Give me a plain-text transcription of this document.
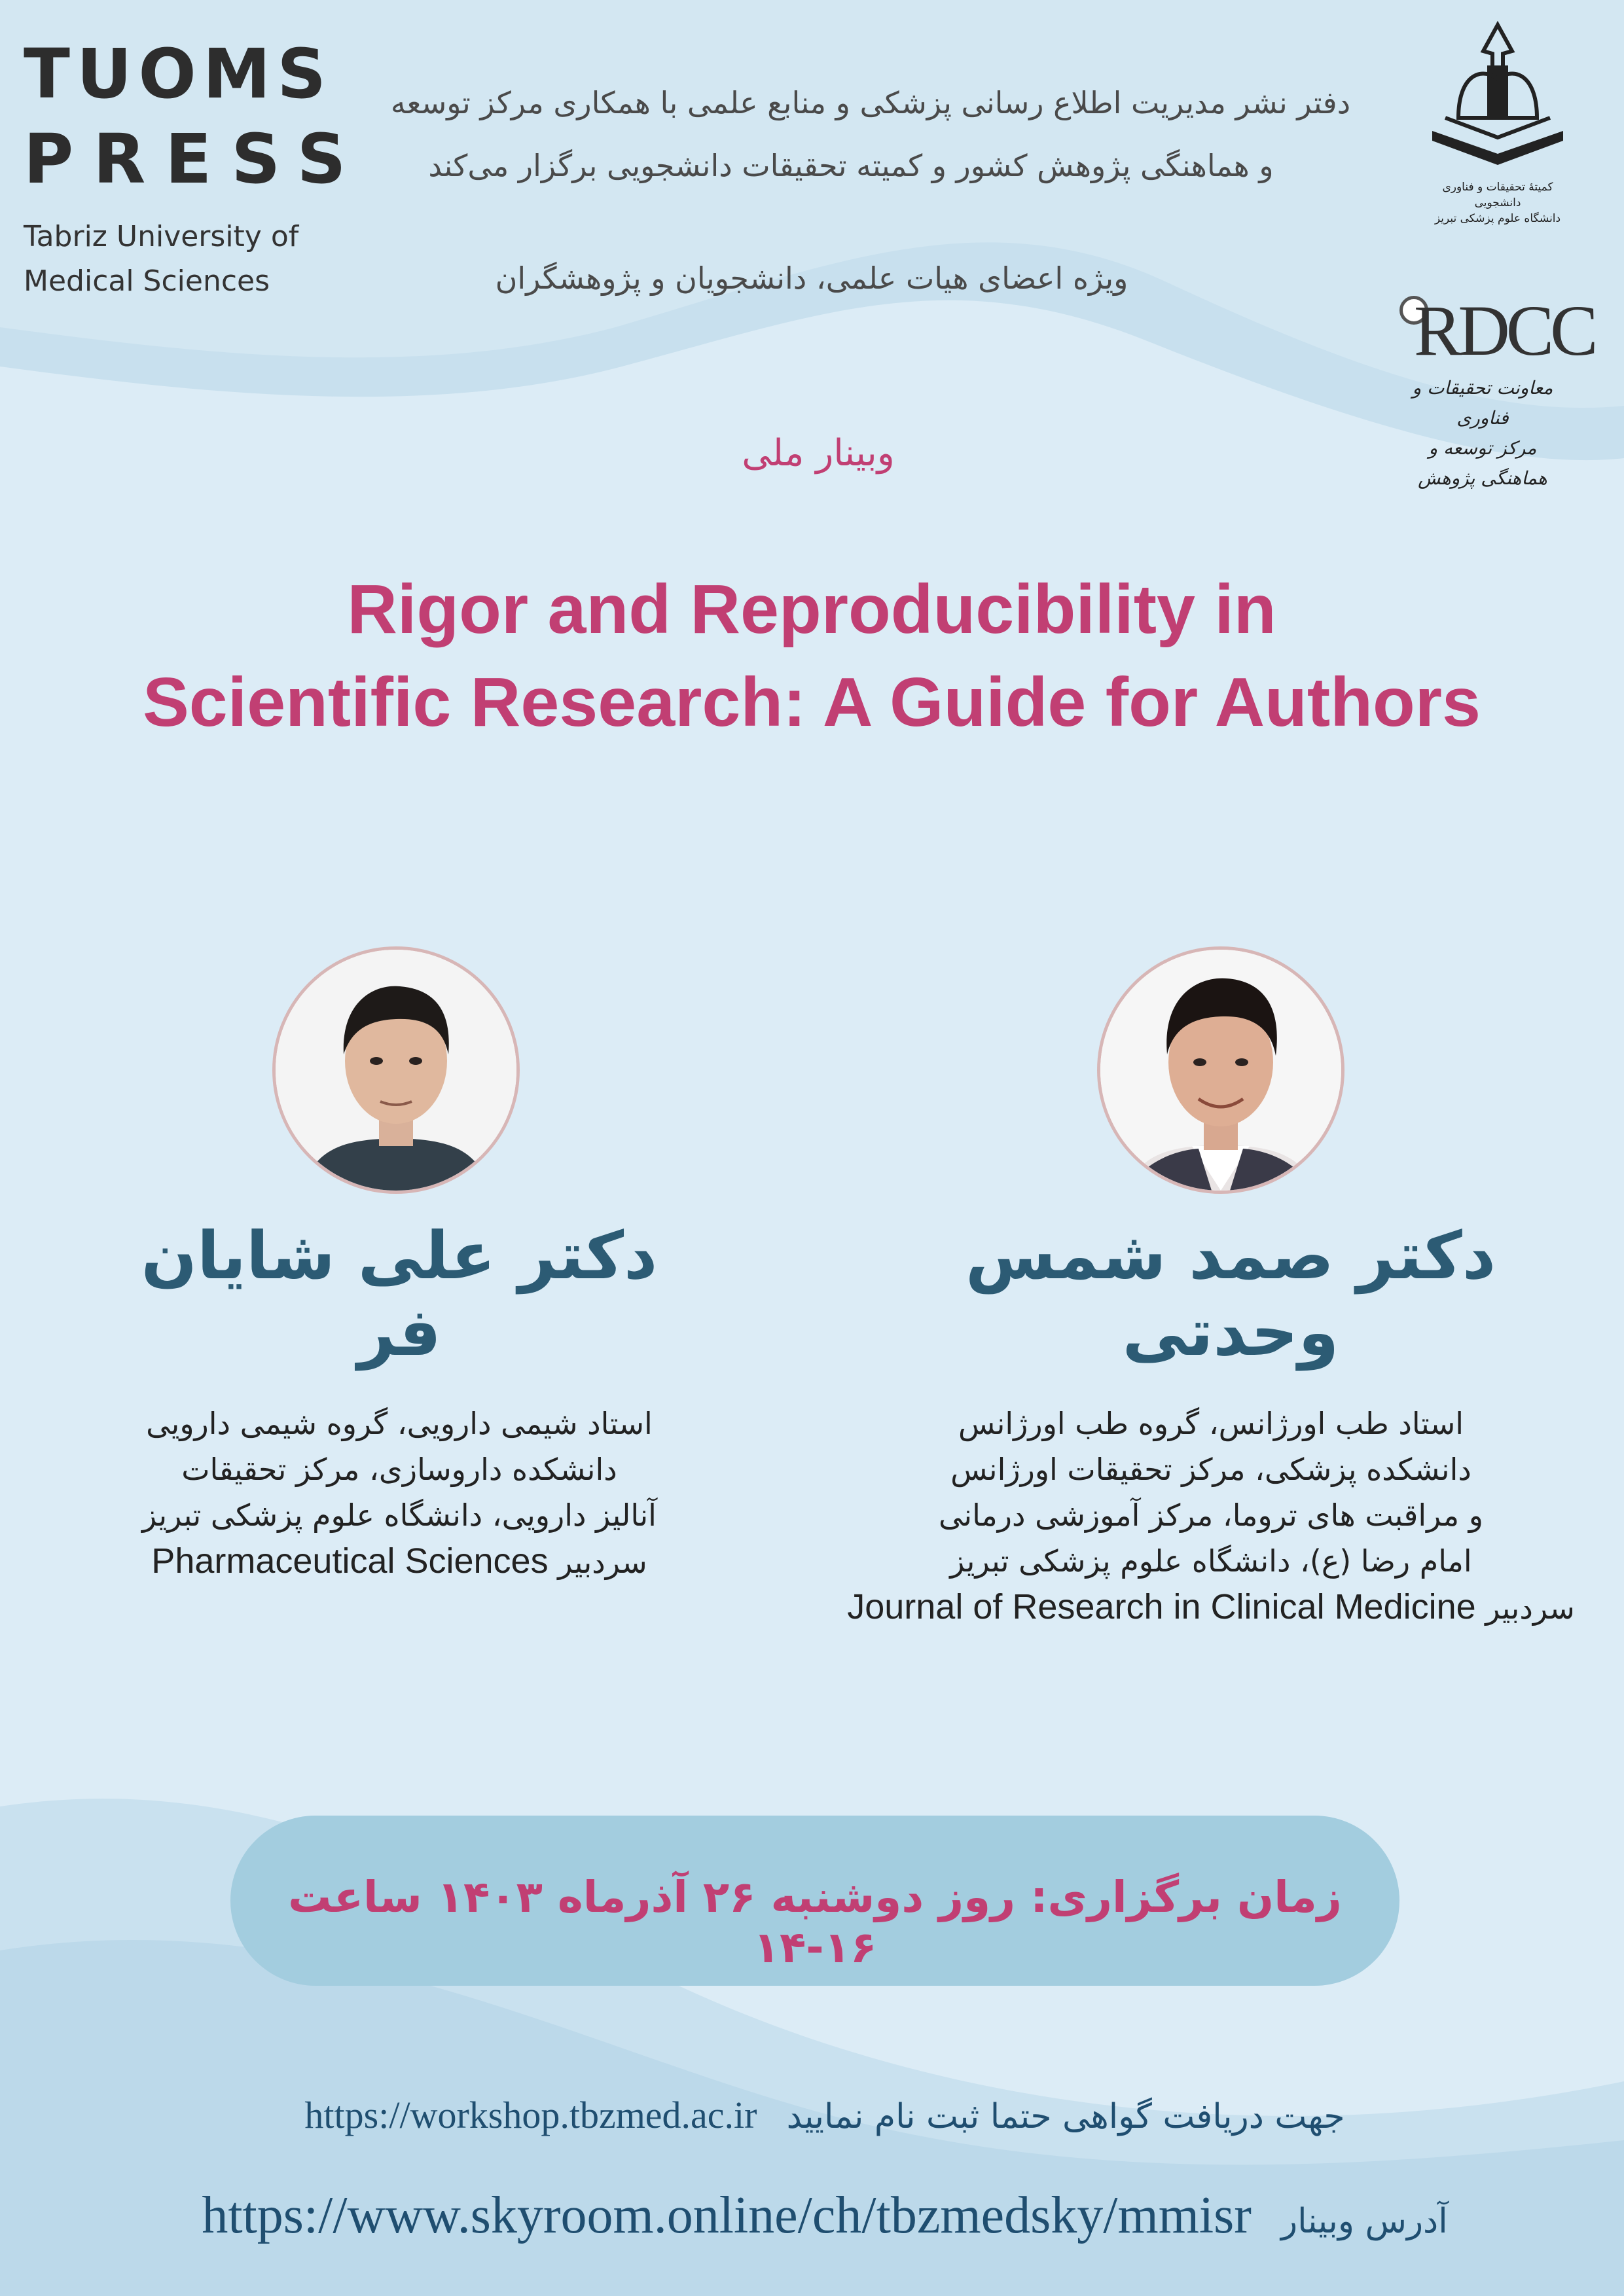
TUOMS
PRESS
Tabriz University of
Medical Sciences
دفتر نشر مدیریت اطلاع رسانی پزشکی و منابع علمی با همکاری مرکز توسعه
و هماهنگی پژوهش کشور و کمیته تحقیقات دانشجویی برگزار می‌کند
ویژه اعضای هیات علمی، دانشجویان و پژوهشگران
کمیتهٔ تحقیقات و فناوری دانشجویی
دانشگاه علوم پزشکی تبریز
RDCC
معاونت تحقیقات و فناوری
مرکز توسعه و هماهنگی پژوهش
وبینار ملی
Rigor and Reproducibility in
Scientific Research: A Guide for Authors
دکتر علی شایان فر
دکتر صمد شمس وحدتی
استاد شیمی دارویی، گروه شیمی دارویی
دانشکده داروسازی، مرکز تحقیقات
آنالیز دارویی، دانشگاه علوم پزشکی تبریز
سردبیر Pharmaceutical Sciences
استاد طب اورژانس، گروه طب اورژانس
دانشکده پزشکی، مرکز تحقیقات اورژانس
و مراقبت های تروما، مرکز آموزشی درمانی
امام رضا (ع)، دانشگاه علوم پزشکی تبریز
سردبیر Journal of Research in Clinical Medicine
زمان برگزاری: روز دوشنبه ۲۶ آذرماه ۱۴۰۳ ساعت ۱۶-۱۴
https://workshop.tbzmed.ac.ir جهت دریافت گواهی حتما ثبت نام نمایید
https://www.skyroom.online/ch/tbzmedsky/mmisr آدرس وبینار
